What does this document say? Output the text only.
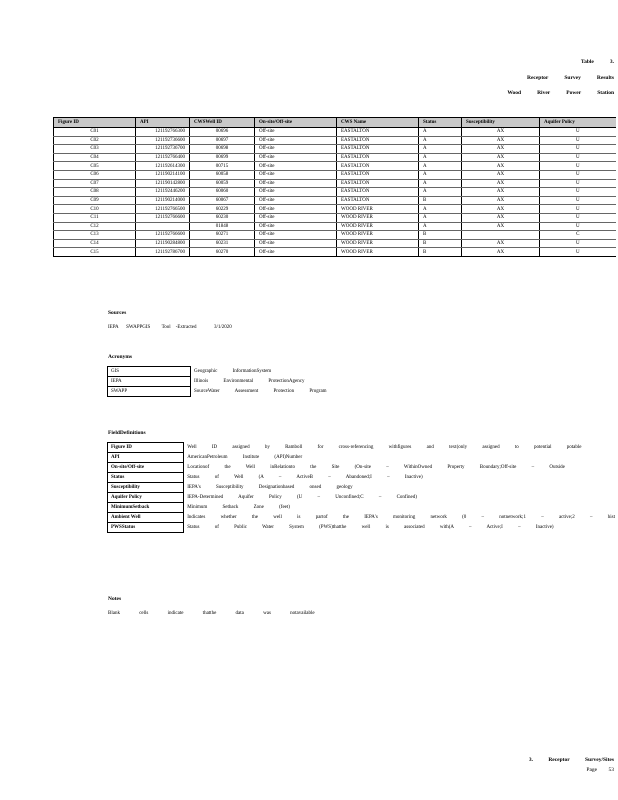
Table	3.
Receptor	Survey	Results
Wood	River	Power	Station
Figure ID	API	CWSWell ID	On-site/Off-site	CWS Name	Status	Susceptibility	Aquifer Policy
C01	121192766300	00696	Off-site	EASTALTON	A	AX	U
C02	121192736600	00697	Off-site	EASTALTON	A	AX	U
C03	121192736700	00698	Off-site	EASTALTON	A	AX	U
C04	121192766400	00699	Off-site	EASTALTON	A	AX	U
C05	121192614300	00715	Off-site	EASTALTON	A	AX	U
C06	121190214100	60058	Off-site	EASTALTON	A	AX	U
C07	121190142800	60059	Off-site	EASTALTON	A	AX	U
C08	121192446200	60060	Off-site	EASTALTON	A	AX	U
C09	121190214000	60067	Off-site	EASTALTON	B	AX	U
C10	121192766500	60229	Off-site	WOOD RIVER	A	AX	U
C11	121192766600	60230	Off-site	WOOD RIVER	A	AX	U
C12		01848	Off-site	WOOD RIVER	A	AX	U
C13	121192766600	60271	Off-site	WOOD RIVER	B		C
C14	121190284800	60231	Off-site	WOOD RIVER	B	AX	U
C15	121192786700	60270	Off-site	WOOD RIVER	B	AX	U
Sources
IEPA SWAPPGIS Tool -Extracted	3/1/2020
Acronyms
GIS	Geographic InformationSystem
IEPA	Illinois Environmental ProtectionAgency
SWAPP	SourceWater Assessment Protection Program
FieldDefinitions
Figure ID	Well ID assigned by Ramboll for cross-referencing withfigures and text(only assigned to potential potable
API	AmericanPetroleum Institute (API)Number
On-site/Off-site	Locationof the Well inRelationto the Site (On-site – WithinOwned Property Boundary;Off-site – Outside
Status	Status of Well (A – ActiveB – Abandoned;I – Inactive)
Susceptibility	IEPA's Susceptibility Designationbased onsed geology
Aquifer Policy	IEPA-Determined Aquifer Policy (U – Unconfined;C – Confined)
MinimumSetback	Minimum Setback Zone (feet)
Ambient Well	Indicates whether the well is partof the IEPA's monitoring network (0 – notnetwork;1 – active;2 – hist
PWSStatus	Status of Public Water System (PWS)thatthe well is associated with(A – Active;I – Inactive)
Notes
Blank cells indicate thatthe data was notavailable
3. Receptor Survey/Sites
Page 53
